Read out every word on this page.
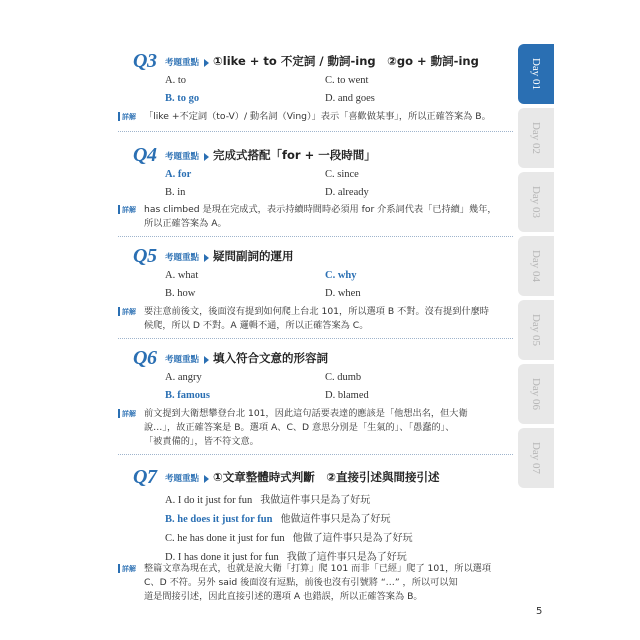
Q3	考題重點 ①like + to 不定詞 / 動詞-ing　②go + 動詞-ing
A. to	C. to went
B. to go	D. and goes
詳解 「like +不定詞（to-V）/ 動名詞（Ving）」表示「喜歡做某事」，所以正確答案為 B。
Q4	考題重點 完成式搭配「for + 一段時間」
A. for	C. since
B. in	D. already
詳解 has climbed 是現在完成式，表示持續時間時必須用 for 介系詞代表「已持續」幾年，
所以正確答案為 A。
Q5	考題重點 疑問副詞的運用
A. what	C. why
B. how	D. when
詳解 要注意前後文，後面沒有提到如何爬上台北 101，所以選項 B 不對。沒有提到什麼時
候爬，所以 D 不對。A 邏輯不通，所以正確答案為 C。
Q6	考題重點 填入符合文意的形容詞
A. angry	C. dumb
B. famous	D. blamed
詳解 前文提到大衛想攀登台北 101，因此這句話要表達的應該是「他想出名，但大衛
說…」，故正確答案是 B。選項 A、C、D 意思分別是「生氣的」、「愚蠢的」、
「被責備的」，皆不符文意。
Q7	考題重點 ①文章整體時式判斷　②直接引述與間接引述
A. I do it just for fun 我做這件事只是為了好玩
B. he does it just for fun 他做這件事只是為了好玩
C. he has done it just for fun 他做了這件事只是為了好玩
D. I has done it just for fun 我做了這件事只是為了好玩
詳解 整篇文章為現在式，也就是說大衛「打算」爬 101 而非「已經」爬了 101，所以選項
C、D 不符。另外 said 後面沒有逗點，前後也沒有引號將 “…” ，所以可以知
道是間接引述，因此直接引述的選項 A 也錯誤，所以正確答案為 B。
Day 01
Day 02
Day 03
Day 04
Day 05
Day 06
Day 07
5
